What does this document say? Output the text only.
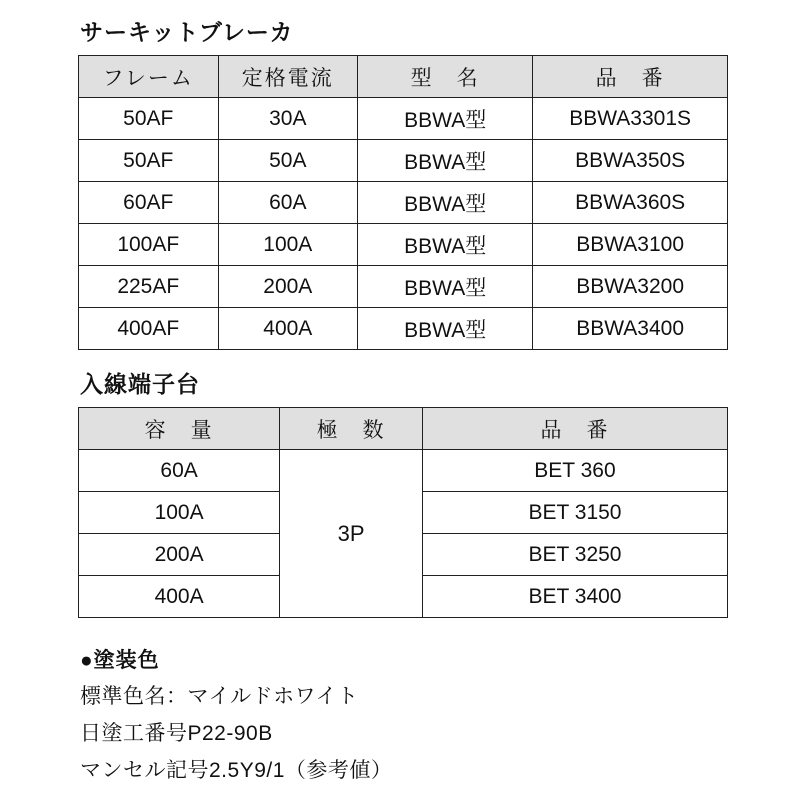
サーキットブレーカ
フレーム	定格電流	型　名	品　番
50AF	30A	BBWA型	BBWA3301S
50AF	50A	BBWA型	BBWA350S
60AF	60A	BBWA型	BBWA360S
100AF	100A	BBWA型	BBWA3100
225AF	200A	BBWA型	BBWA3200
400AF	400A	BBWA型	BBWA3400
入線端子台
容　量	極　数	品　番
60A	3P	BET 360
100A		BET 3150
200A		BET 3250
400A		BET 3400
●塗装色
標準色名：マイルドホワイト
日塗工番号P22-90B
マンセル記号2.5Y9/1（参考値）
